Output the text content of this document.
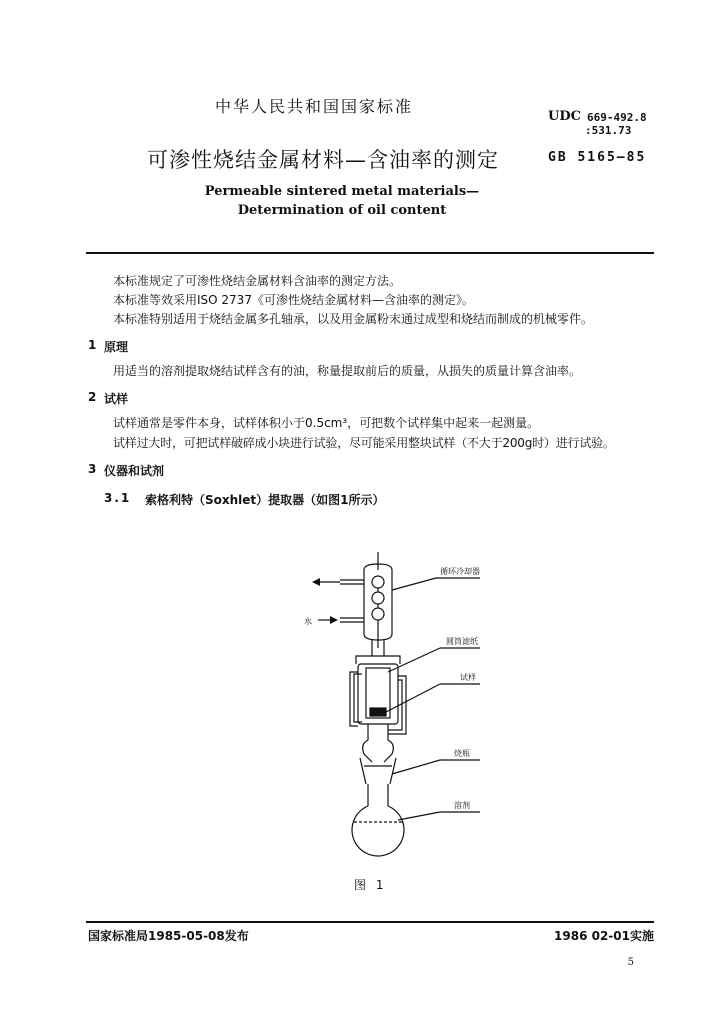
中华人民共和国国家标准
UDC 669-492.8
:531.73
可渗性烧结金属材料—含油率的测定	GB 5165—85
Permeable sintered metal materials—
Determination of oil content
本标准规定了可渗性烧结金属材料含油率的测定方法。
本标准等效采用ISO 2737《可渗性烧结金属材料—含油率的测定》。
本标准特别适用于烧结金属多孔轴承，以及用金属粉末通过成型和烧结而制成的机械零件。
1 原理
用适当的溶剂提取烧结试样含有的油，称量提取前后的质量，从损失的质量计算含油率。
2 试样
试样通常是零件本身，试样体积小于0.5cm³，可把数个试样集中起来一起测量。
试样过大时，可把试样破碎成小块进行试验，尽可能采用整块试样（不大于200g时）进行试验。
3 仪器和试剂
3.1 索格利特（Soxhlet）提取器（如图1所示）
循环冷却器
圆筒滤纸
试样
烧瓶
溶剂
水
图 1
国家标准局1985-05-08发布	1986 02-01实施
5
